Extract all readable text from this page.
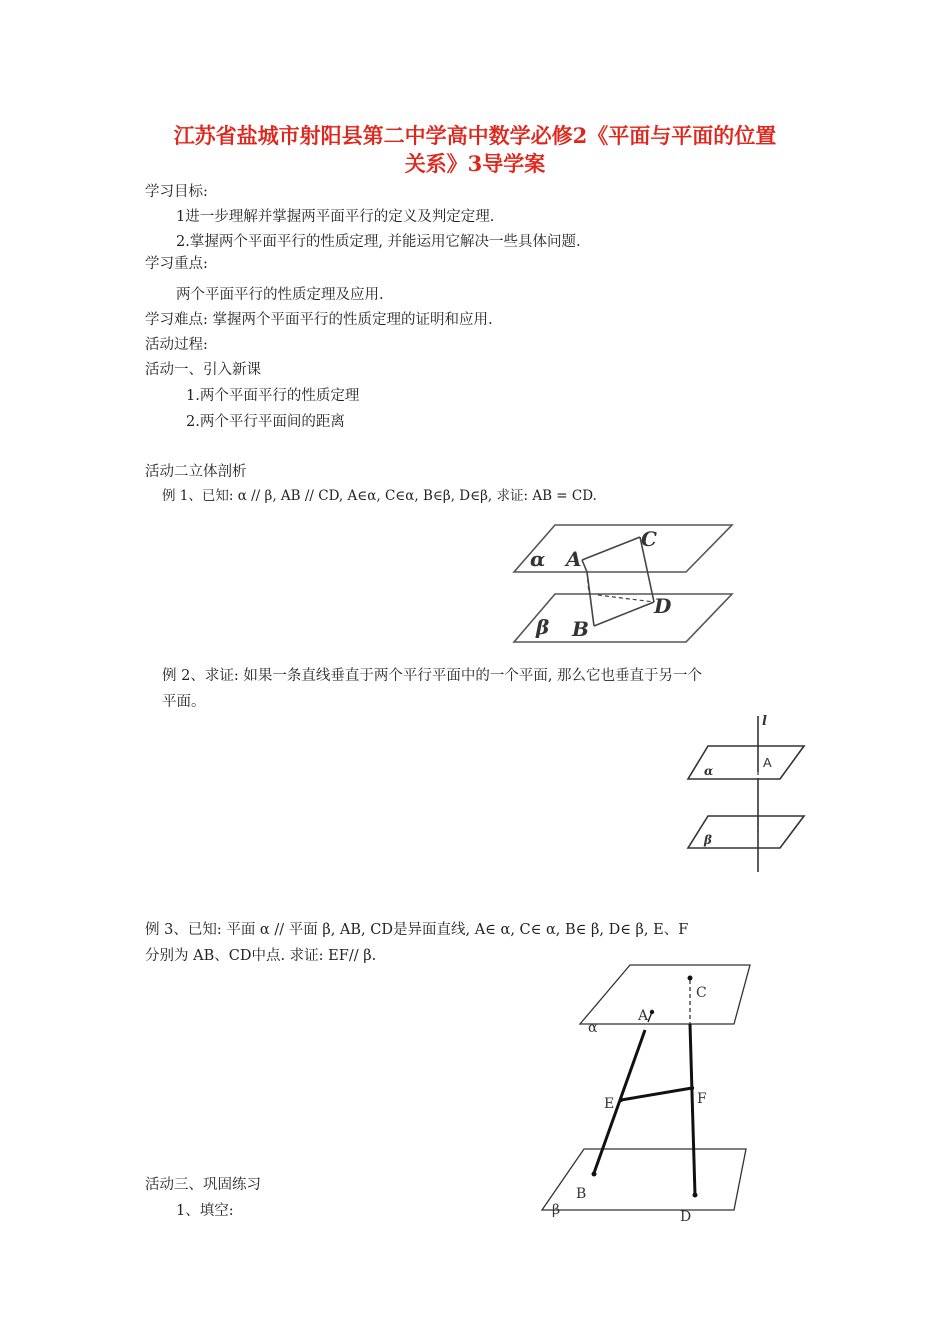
江苏省盐城市射阳县第二中学高中数学必修2《平面与平面的位置
关系》3导学案
学习目标:
1进一步理解并掌握两平面平行的定义及判定定理.
2.掌握两个平面平行的性质定理, 并能运用它解决一些具体问题.
学习重点:
两个平面平行的性质定理及应用.
学习难点: 掌握两个平面平行的性质定理的证明和应用.
活动过程:
活动一、引入新课
1.两个平面平行的性质定理
2.两个平行平面间的距离
活动二立体剖析
例 1、已知: α // β, AB // CD, A∈α, C∈α, B∈β, D∈β, 求证: AB = CD.
α A
C
β B
D
例 2、求证: 如果一条直线垂直于两个平行平面中的一个平面, 那么它也垂直于另一个
平面。
l
α
A
β
例 3、已知: 平面 α // 平面 β, AB, CD是异面直线, A∈ α, C∈ α, B∈ β, D∈ β, E、F
分别为 AB、CD中点. 求证: EF// β.
C
A
α
E	F
B
β	D
活动三、巩固练习
1、填空:
